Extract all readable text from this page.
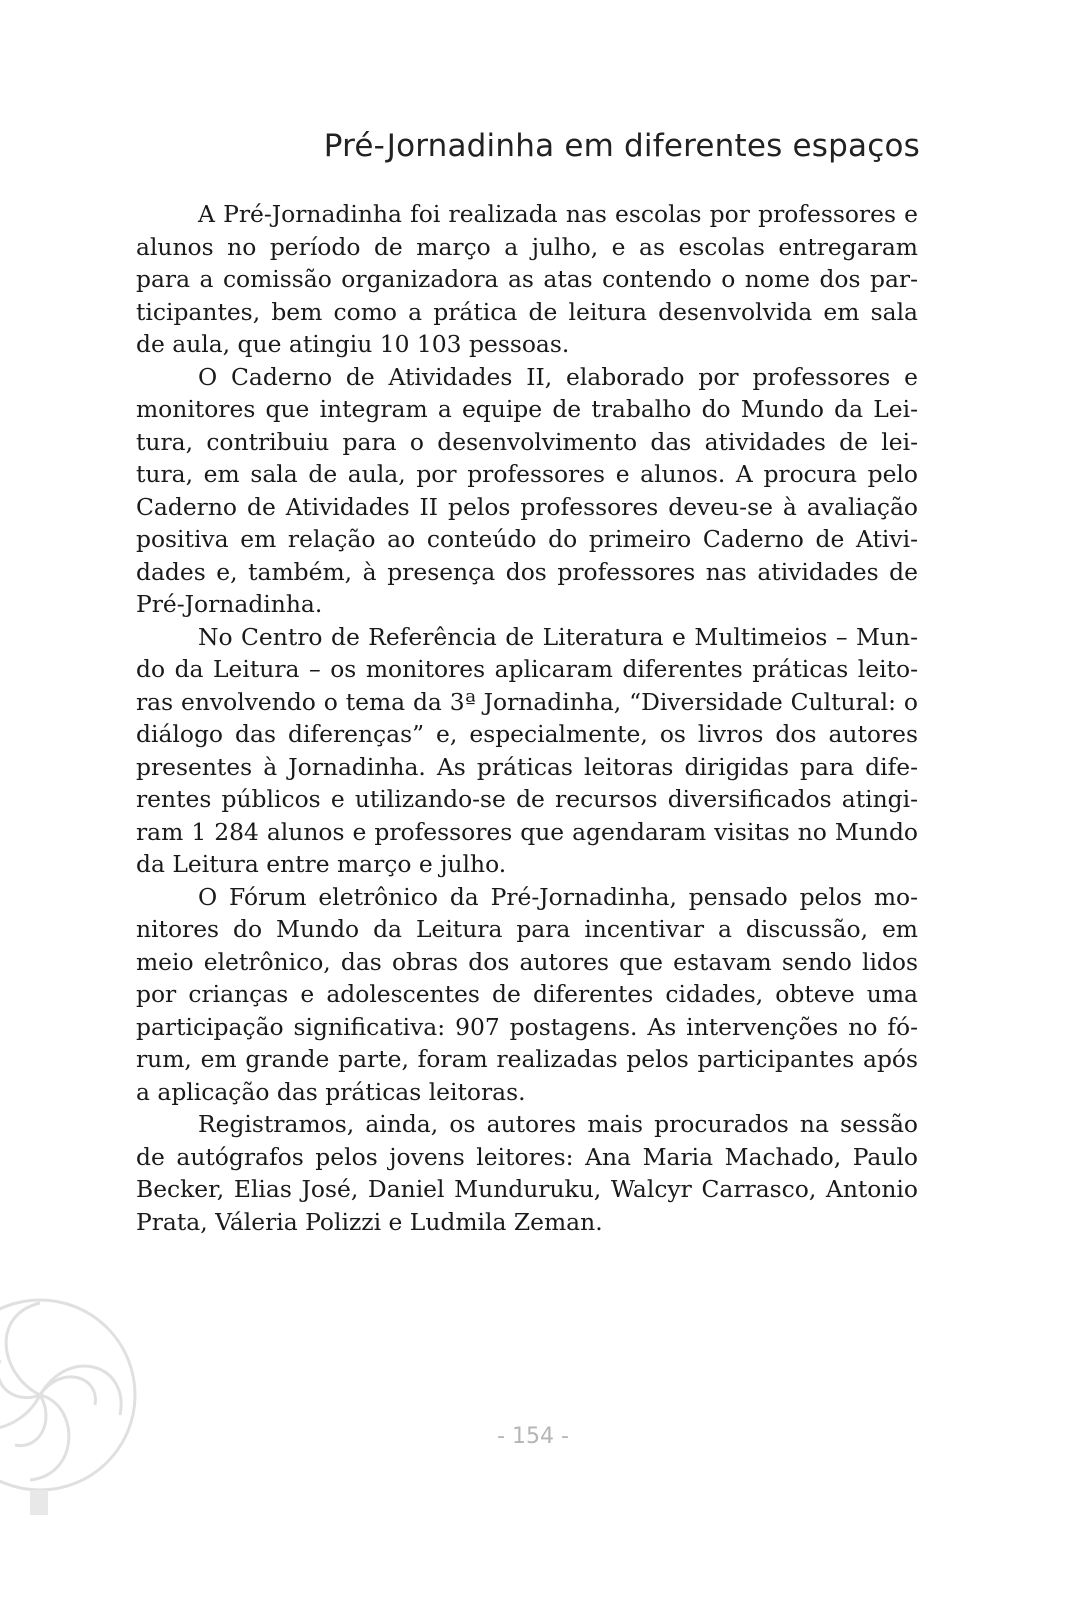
Pré-Jornadinha em diferentes espaços

A Pré-Jornadinha foi realizada nas escolas por professores e alunos no período de março a julho, e as escolas entregaram para a comissão organizadora as atas contendo o nome dos participantes, bem como a prática de leitura desenvolvida em sala de aula, que atingiu 10 103 pessoas.

O Caderno de Atividades II, elaborado por professores e monitores que integram a equipe de trabalho do Mundo da Leitura, contribuiu para o desenvolvimento das atividades de leitura, em sala de aula, por professores e alunos. A procura pelo Caderno de Atividades II pelos professores deveu-se à avaliação positiva em relação ao conteúdo do primeiro Caderno de Atividades e, também, à presença dos professores nas atividades de Pré-Jornadinha.

No Centro de Referência de Literatura e Multimeios – Mundo da Leitura – os monitores aplicaram diferentes práticas leitoras envolvendo o tema da 3ª Jornadinha, “Diversidade Cultural: o diálogo das diferenças” e, especialmente, os livros dos autores presentes à Jornadinha. As práticas leitoras dirigidas para diferentes públicos e utilizando-se de recursos diversificados atingiram 1 284 alunos e professores que agendaram visitas no Mundo da Leitura entre março e julho.

O Fórum eletrônico da Pré-Jornadinha, pensado pelos monitores do Mundo da Leitura para incentivar a discussão, em meio eletrônico, das obras dos autores que estavam sendo lidos por crianças e adolescentes de diferentes cidades, obteve uma participação significativa: 907 postagens. As intervenções no fórum, em grande parte, foram realizadas pelos participantes após a aplicação das práticas leitoras.

Registramos, ainda, os autores mais procurados na sessão de autógrafos pelos jovens leitores: Ana Maria Machado, Paulo Becker, Elias José, Daniel Munduruku, Walcyr Carrasco, Antonio Prata, Váleria Polizzi e Ludmila Zeman.

- 154 -
